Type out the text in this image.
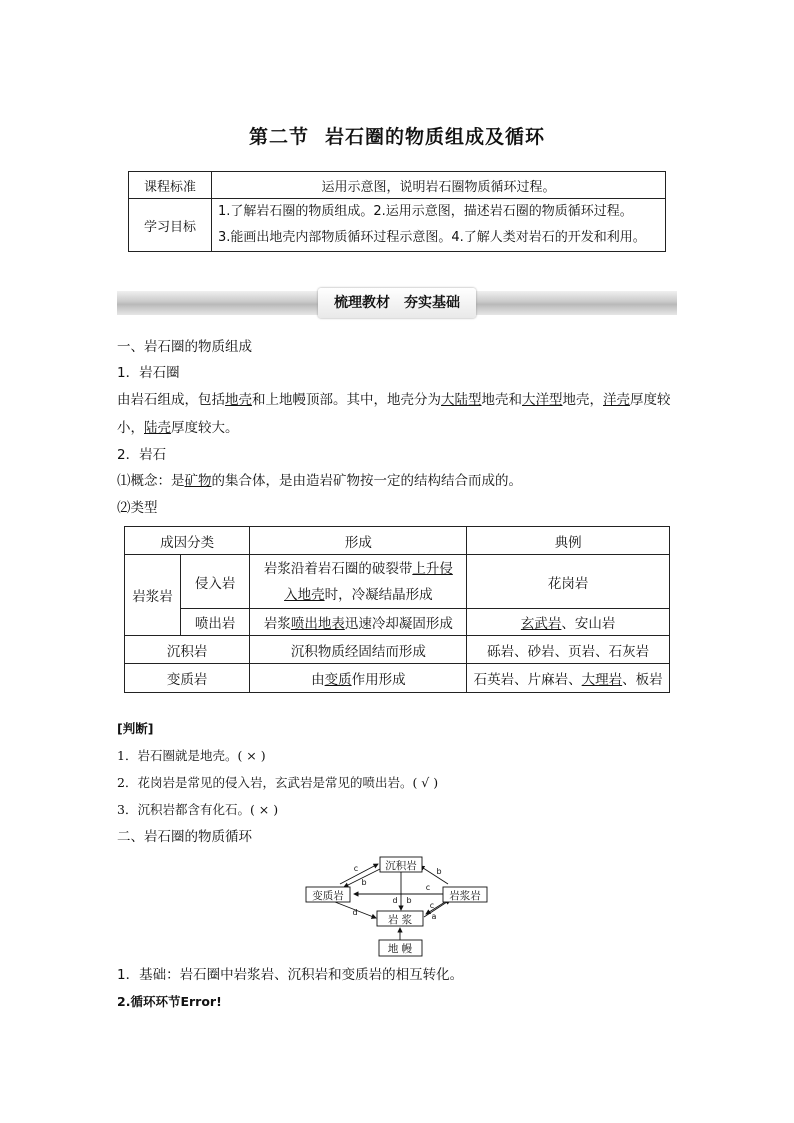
第二节 岩石圈的物质组成及循环
课程标准	运用示意图，说明岩石圈物质循环过程。
学习目标	1.了解岩石圈的物质组成。2.运用示意图，描述岩石圈的物质循环过程。
3.能画出地壳内部物质循环过程示意图。4.了解人类对岩石的开发和利用。
梳理教材　夯实基础
一、岩石圈的物质组成
1．岩石圈
由岩石组成，包括地壳和上地幔顶部。其中，地壳分为大陆型地壳和大洋型地壳，洋壳厚度较小，陆壳厚度较大。
2．岩石
⑴概念：是矿物的集合体，是由造岩矿物按一定的结构结合而成的。
⑵类型
成因分类		形成	典例
岩浆岩	侵入岩	岩浆沿着岩石圈的破裂带上升侵入地壳时，冷凝结晶形成	花岗岩
	喷出岩	岩浆喷出地表迅速冷却凝固形成	玄武岩、安山岩
沉积岩		沉积物质经固结而形成	砾岩、砂岩、页岩、石灰岩
变质岩		由变质作用形成	石英岩、片麻岩、大理岩、板岩
[判断]
1．岩石圈就是地壳。( × )
2．花岗岩是常见的侵入岩，玄武岩是常见的喷出岩。( √ )
3．沉积岩都含有化石。( × )
二、岩石圈的物质循环
沉积岩
变质岩	岩浆岩
岩 浆
地 幔
c
b
b
c
d b
d
c
a
1．基础：岩石圈中岩浆岩、沉积岩和变质岩的相互转化。
2.循环环节Error!
